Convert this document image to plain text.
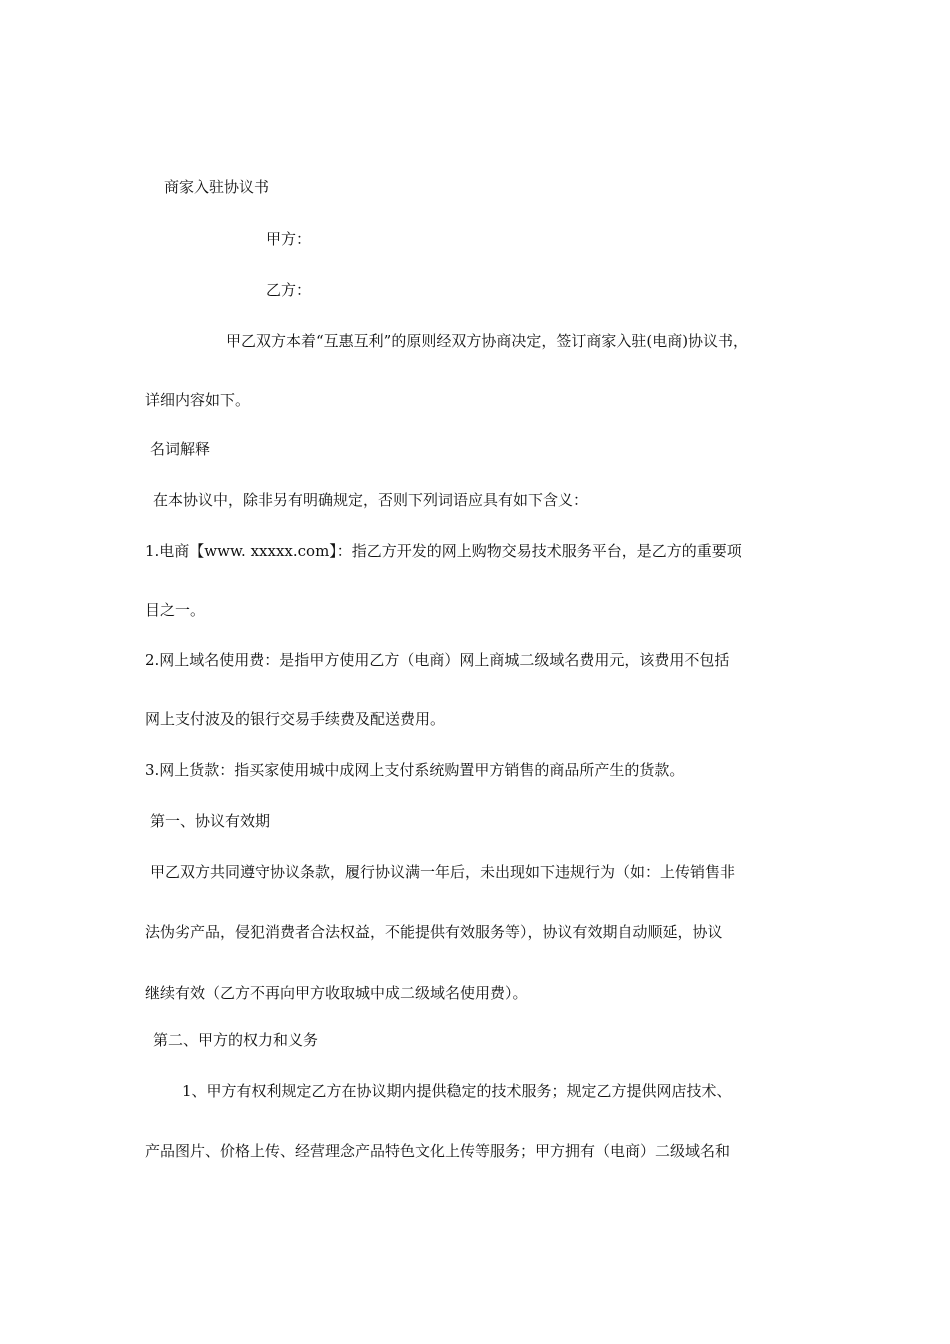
商家入驻协议书

甲方：

乙方：

甲乙双方本着“互惠互利”的原则经双方协商决定，签订商家入驻(电商)协议书，

详细内容如下。

名词解释

在本协议中，除非另有明确规定，否则下列词语应具有如下含义：

1.电商【www. xxxxx.com】：指乙方开发的网上购物交易技术服务平台，是乙方的重要项

目之一。

2.网上域名使用费：是指甲方使用乙方（电商）网上商城二级域名费用元，该费用不包括

网上支付波及的银行交易手续费及配送费用。

3.网上货款：指买家使用城中成网上支付系统购置甲方销售的商品所产生的货款。

第一、协议有效期

甲乙双方共同遵守协议条款，履行协议满一年后，未出现如下违规行为（如：上传销售非

法伪劣产品，侵犯消费者合法权益，不能提供有效服务等），协议有效期自动顺延，协议

继续有效（乙方不再向甲方收取城中成二级域名使用费）。

第二、甲方的权力和义务

1、甲方有权利规定乙方在协议期内提供稳定的技术服务；规定乙方提供网店技术、

产品图片、价格上传、经营理念产品特色文化上传等服务；甲方拥有（电商）二级域名和
